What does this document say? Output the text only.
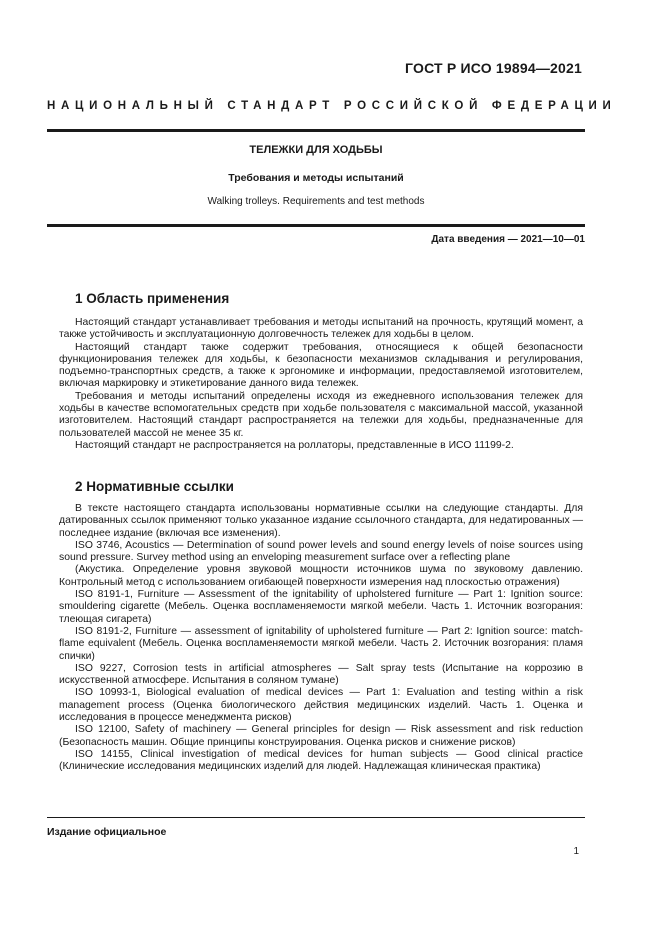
ГОСТ Р ИСО 19894—2021
НАЦИОНАЛЬНЫЙ СТАНДАРТ РОССИЙСКОЙ ФЕДЕРАЦИИ
ТЕЛЕЖКИ ДЛЯ ХОДЬБЫ
Требования и методы испытаний
Walking trolleys. Requirements and test methods
Дата введения — 2021—10—01
1 Область применения

Настоящий стандарт устанавливает требования и методы испытаний на прочность, крутящий момент, а также устойчивость и эксплуатационную долговечность тележек для ходьбы в целом.

Настоящий стандарт также содержит требования, относящиеся к общей безопасности функционирования тележек для ходьбы, к безопасности механизмов складывания и регулирования, подъемно-транспортных средств, а также к эргономике и информации, предоставляемой изготовителем, включая маркировку и этикетирование данного вида тележек.

Требования и методы испытаний определены исходя из ежедневного использования тележек для ходьбы в качестве вспомогательных средств при ходьбе пользователя с максимальной массой, указанной изготовителем. Настоящий стандарт распространяется на тележки для ходьбы, предназначенные для пользователей массой не менее 35 кг.

Настоящий стандарт не распространяется на роллаторы, представленные в ИСО 11199-2.

2 Нормативные ссылки

В тексте настоящего стандарта использованы нормативные ссылки на следующие стандарты. Для датированных ссылок применяют только указанное издание ссылочного стандарта, для недатированных — последнее издание (включая все изменения).

ISO 3746, Acoustics — Determination of sound power levels and sound energy levels of noise sources using sound pressure. Survey method using an enveloping measurement surface over a reflecting plane

(Акустика. Определение уровня звуковой мощности источников шума по звуковому давлению. Контрольный метод с использованием огибающей поверхности измерения над плоскостью отражения)

ISO 8191-1, Furniture — Assessment of the ignitability of upholstered furniture — Part 1: Ignition source: smouldering cigarette (Мебель. Оценка воспламеняемости мягкой мебели. Часть 1. Источник возгорания: тлеющая сигарета)

ISO 8191-2, Furniture — assessment of ignitability of upholstered furniture — Part 2: Ignition source: match-flame equivalent (Мебель. Оценка воспламеняемости мягкой мебели. Часть 2. Источник возгорания: пламя спички)

ISO 9227, Corrosion tests in artificial atmospheres — Salt spray tests (Испытание на коррозию в искусственной атмосфере. Испытания в соляном тумане)

ISO 10993-1, Biological evaluation of medical devices — Part 1: Evaluation and testing within a risk management process (Оценка биологического действия медицинских изделий. Часть 1. Оценка и исследования в процессе менеджмента рисков)

ISO 12100, Safety of machinery — General principles for design — Risk assessment and risk reduction (Безопасность машин. Общие принципы конструирования. Оценка рисков и снижение рисков)

ISO 14155, Clinical investigation of medical devices for human subjects — Good clinical practice (Клинические исследования медицинских изделий для людей. Надлежащая клиническая практика)

Издание официальное
1
